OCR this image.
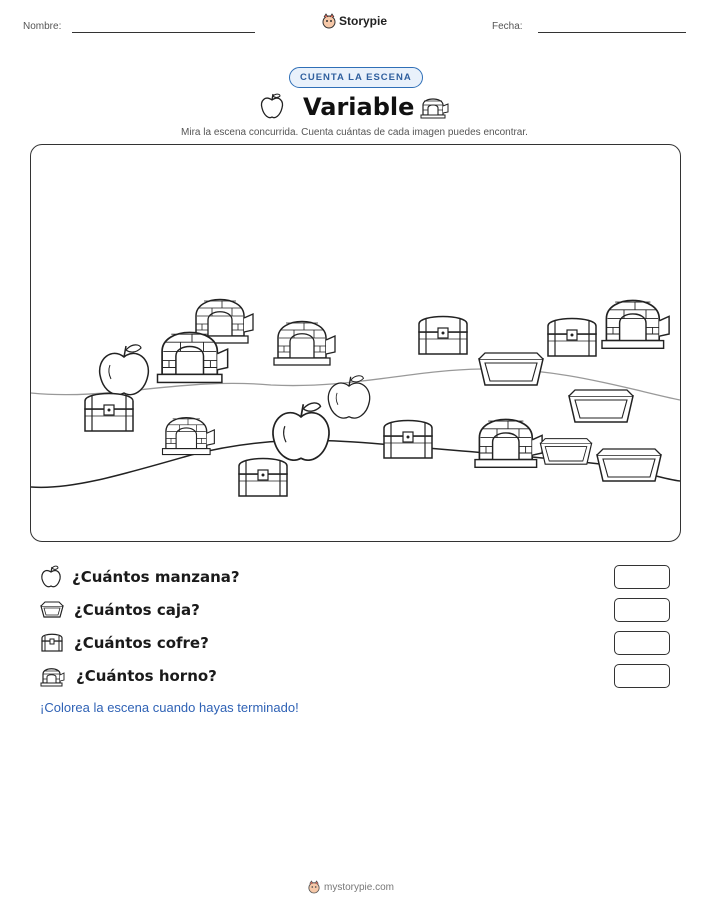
Nombre:	Storypie	Fecha:
CUENTA LA ESCENA
Variable
Mira la escena concurrida. Cuenta cuántas de cada imagen puedes encontrar.
¿Cuántos manzana?
¿Cuántos caja?
¿Cuántos cofre?
¿Cuántos horno?
¡Colorea la escena cuando hayas terminado!
mystorypie.com
